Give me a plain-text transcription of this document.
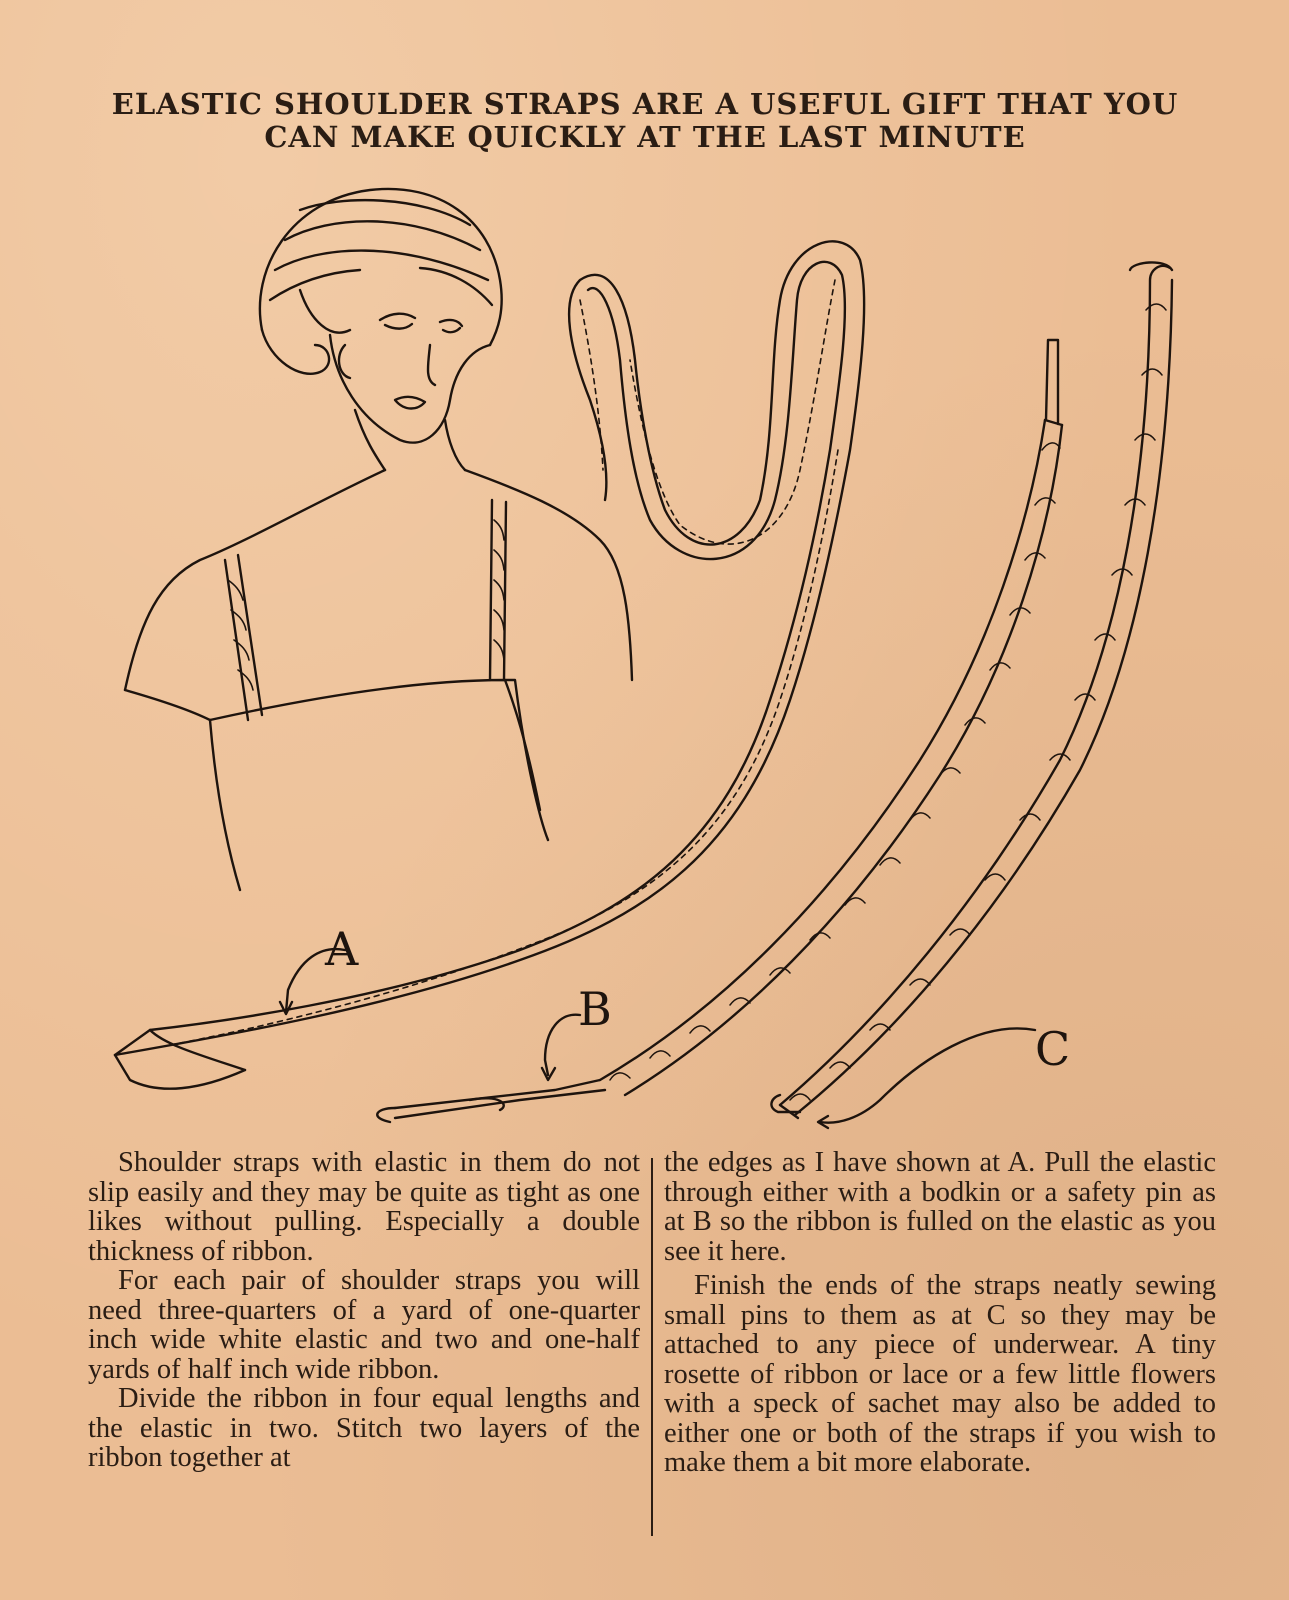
ELASTIC SHOULDER STRAPS ARE A USEFUL GIFT THAT YOU
CAN MAKE QUICKLY AT THE LAST MINUTE
A
B
C

Shoulder straps with elastic in them do not slip easily and they may be quite as tight as one likes without pulling. Especially a double thickness of ribbon.

For each pair of shoulder straps you will need three-quarters of a yard of one-quarter inch wide white elastic and two and one-half yards of half inch wide ribbon.

Divide the ribbon in four equal lengths and the elastic in two. Stitch two layers of the ribbon together at

the edges as I have shown at A. Pull the elastic through either with a bodkin or a safety pin as at B so the ribbon is fulled on the elastic as you see it here.

Finish the ends of the straps neatly sewing small pins to them as at C so they may be attached to any piece of underwear. A tiny rosette of ribbon or lace or a few little flowers with a speck of sachet may also be added to either one or both of the straps if you wish to make them a bit more elaborate.
